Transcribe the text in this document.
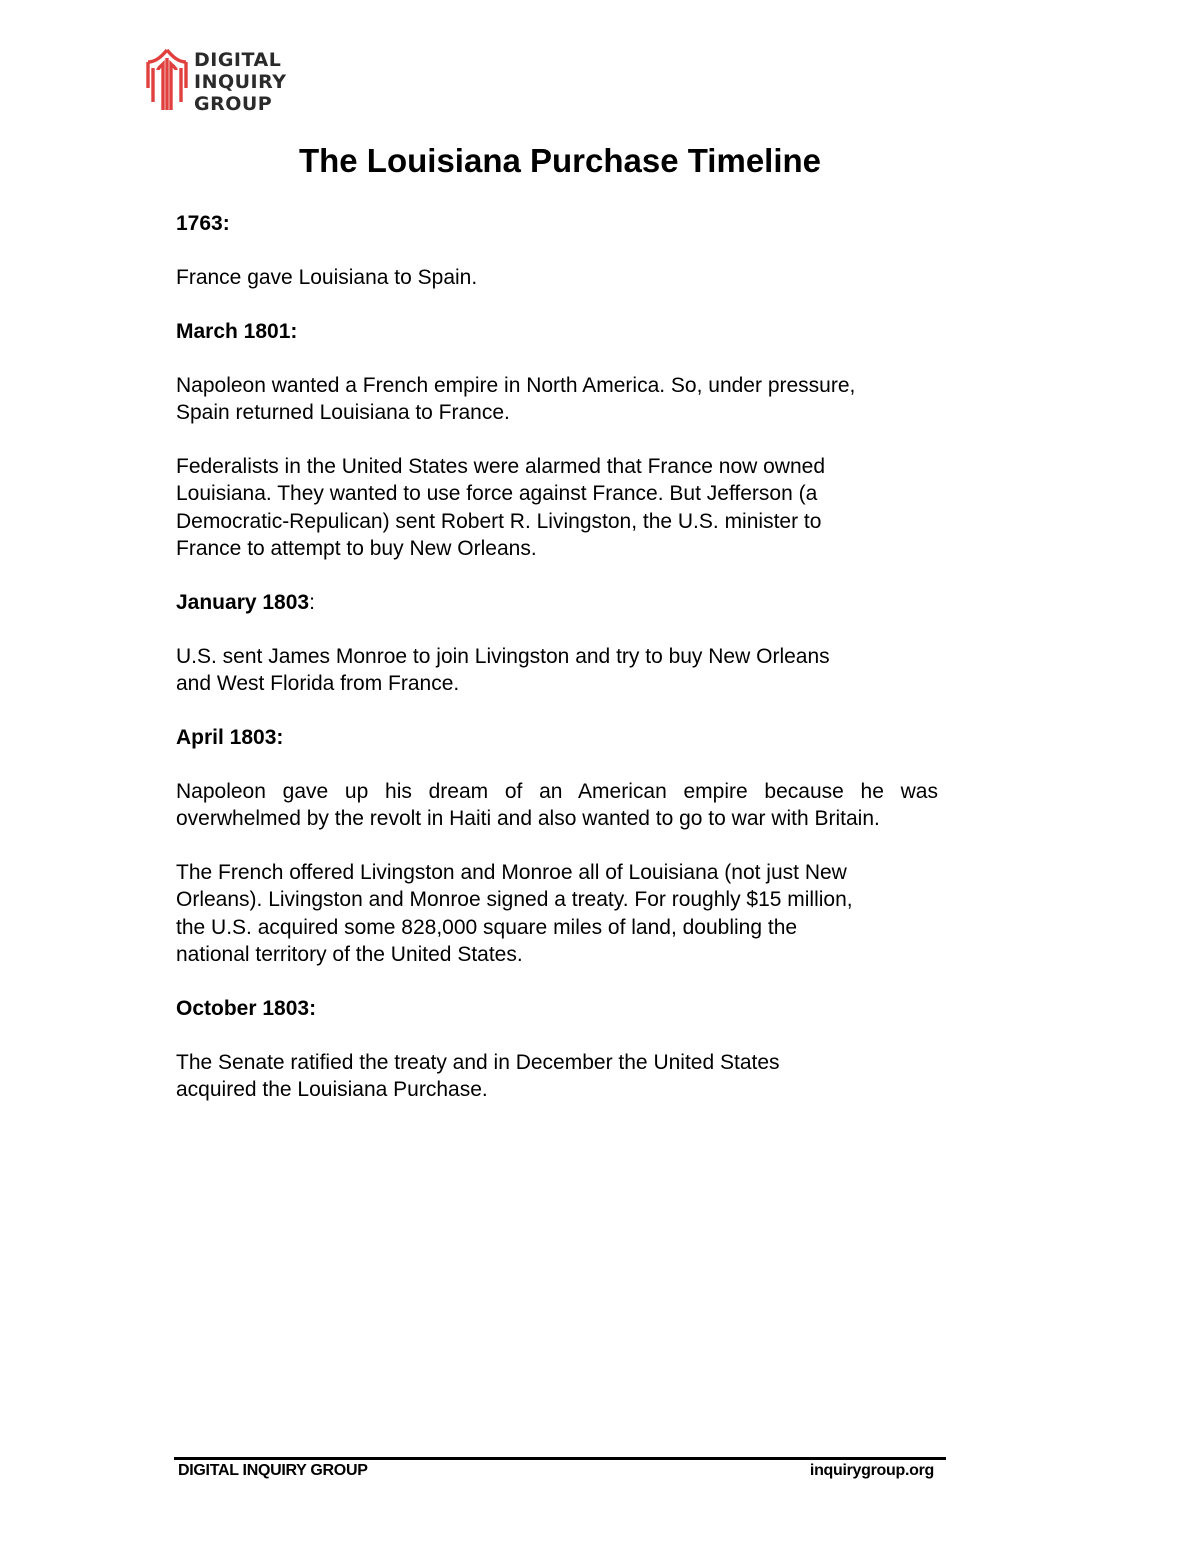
DIGITAL
INQUIRY
GROUP
The Louisiana Purchase Timeline
1763:
France gave Louisiana to Spain.
March 1801:
Napoleon wanted a French empire in North America. So, under pressure,
Spain returned Louisiana to France.
Federalists in the United States were alarmed that France now owned
Louisiana. They wanted to use force against France. But Jefferson (a
Democratic-Repulican) sent Robert R. Livingston, the U.S. minister to
France to attempt to buy New Orleans.
January 1803:
U.S. sent James Monroe to join Livingston and try to buy New Orleans
and West Florida from France.
April 1803:
Napoleon gave up his dream of an American empire because he was overwhelmed by the revolt in Haiti and also wanted to go to war with Britain.
The French offered Livingston and Monroe all of Louisiana (not just New
Orleans). Livingston and Monroe signed a treaty. For roughly $15 million,
the U.S. acquired some 828,000 square miles of land, doubling the
national territory of the United States.
October 1803:
The Senate ratified the treaty and in December the United States
acquired the Louisiana Purchase.
DIGITAL INQUIRY GROUP	inquirygroup.org
